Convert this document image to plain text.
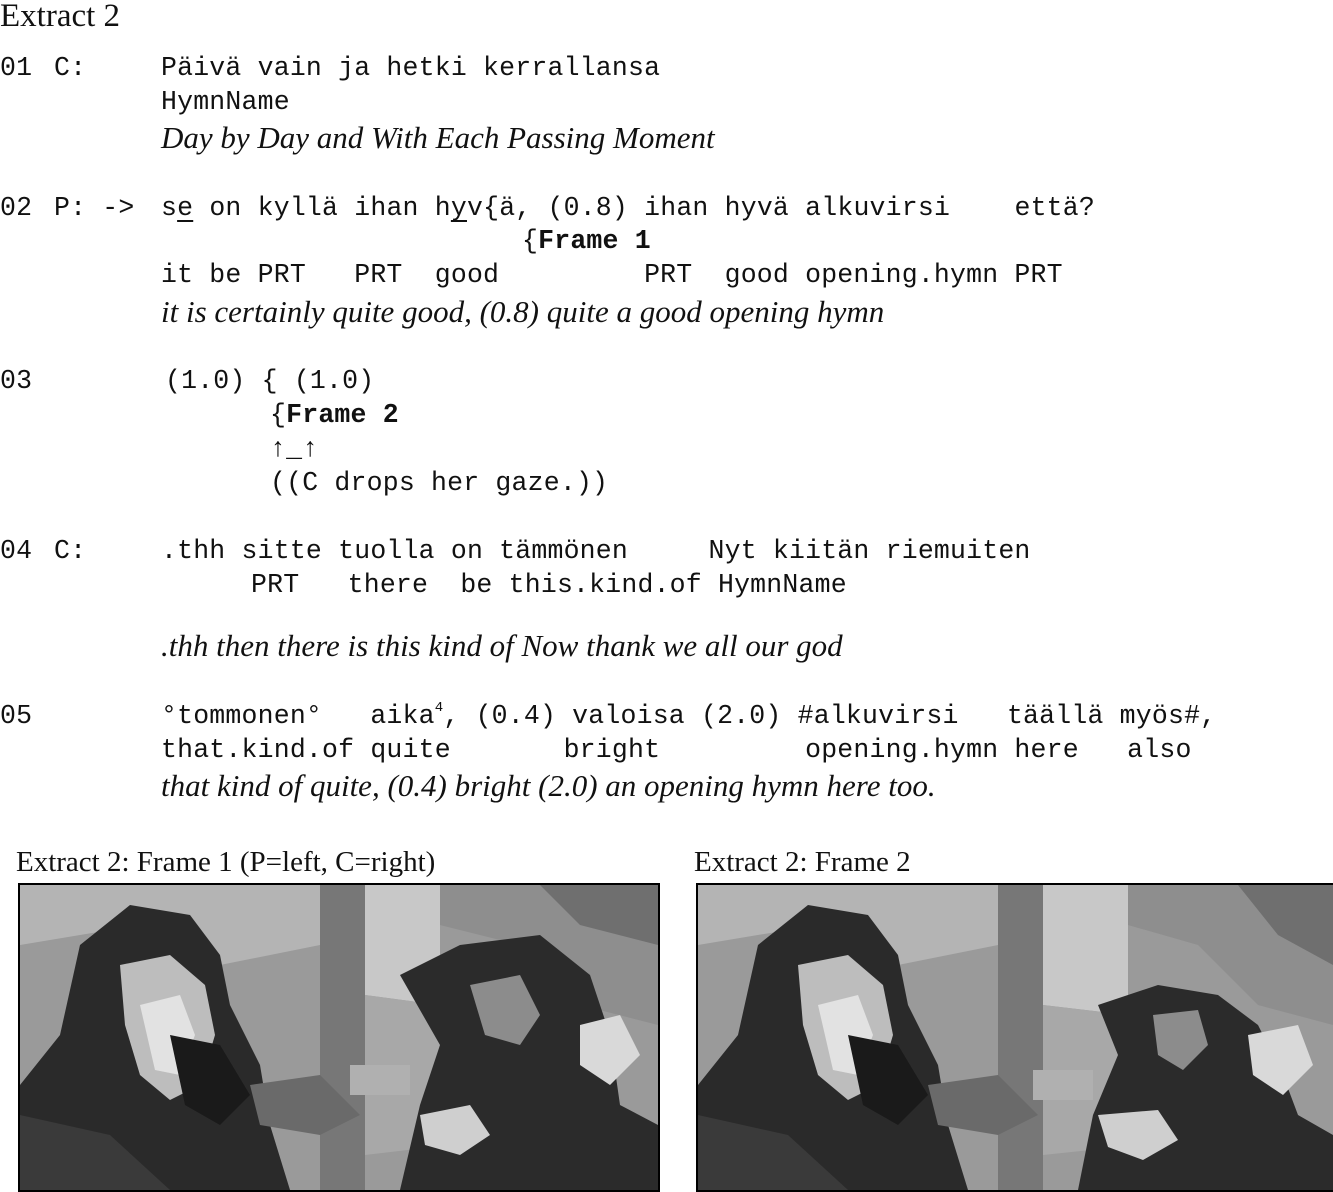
Extract 2
01 C:	Päivä vain ja hetki kerrallansa
HymnName
Day by Day and With Each Passing Moment
02 P: -> se on kyllä ihan hyv{ä, (0.8) ihan hyvä alkuvirsi    että?
{Frame 1
it be PRT   PRT  good         PRT  good opening.hymn PRT
it is certainly quite good, (0.8) quite a good opening hymn
03	(1.0) { (1.0)
{Frame 2
↑_↑
((C drops her gaze.))
04 C:	.thh sitte tuolla on tämmönen     Nyt kiitän riemuiten
PRT   there  be this.kind.of HymnName
.thh then there is this kind of Now thank we all our god
05	°tommonen°   aika$^4$, (0.4) valoisa (2.0) #alkuvirsi   täällä myös#,
that.kind.of quite       bright         opening.hymn here   also
that kind of quite, (0.4) bright (2.0) an opening hymn here too.
Extract 2: Frame 1 (P=left, C=right)	Extract 2: Frame 2
